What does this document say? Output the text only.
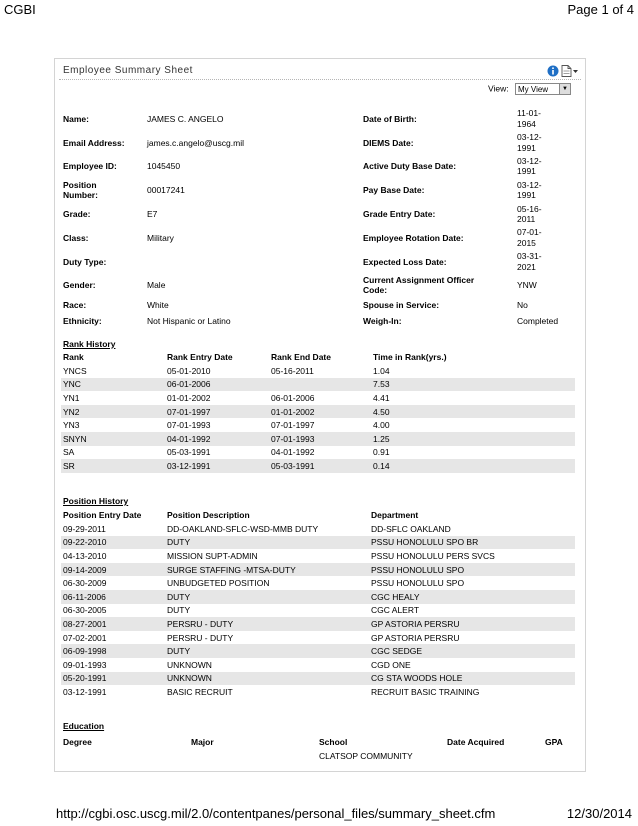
CGBI	Page 1 of 4
Employee Summary Sheet
View: My View	▼
Name:	JAMES C. ANGELO	Date of Birth:	11-01-
1964
Email Address:	james.c.angelo@uscg.mil	DIEMS Date:	03-12-
1991
Employee ID:	1045450	Active Duty Base Date:	03-12-
1991
Position
Number:	00017241	Pay Base Date:	03-12-
1991
Grade:	E7	Grade Entry Date:	05-16-
2011
Class:	Military	Employee Rotation Date:	07-01-
2015
Duty Type:		Expected Loss Date:	03-31-
2021
Gender:	Male	Current Assignment Officer
Code:	YNW
Race:	White	Spouse in Service:	No
Ethnicity:	Not Hispanic or Latino	Weigh-In:	Completed
Rank History
Rank	Rank Entry Date	Rank End Date	Time in Rank(yrs.)
YNCS	05-01-2010	05-16-2011	1.04
YNC	06-01-2006		7.53
YN1	01-01-2002	06-01-2006	4.41
YN2	07-01-1997	01-01-2002	4.50
YN3	07-01-1993	07-01-1997	4.00
SNYN	04-01-1992	07-01-1993	1.25
SA	05-03-1991	04-01-1992	0.91
SR	03-12-1991	05-03-1991	0.14
Position History
Position Entry Date	Position Description	Department
09-29-2011	DD-OAKLAND-SFLC-WSD-MMB DUTY	DD-SFLC OAKLAND
09-22-2010	DUTY	PSSU HONOLULU SPO BR
04-13-2010	MISSION SUPT-ADMIN	PSSU HONOLULU PERS SVCS
09-14-2009	SURGE STAFFING -MTSA-DUTY	PSSU HONOLULU SPO
06-30-2009	UNBUDGETED POSITION	PSSU HONOLULU SPO
06-11-2006	DUTY	CGC HEALY
06-30-2005	DUTY	CGC ALERT
08-27-2001	PERSRU - DUTY	GP ASTORIA PERSRU
07-02-2001	PERSRU - DUTY	GP ASTORIA PERSRU
06-09-1998	DUTY	CGC SEDGE
09-01-1993	UNKNOWN	CGD ONE
05-20-1991	UNKNOWN	CG STA WOODS HOLE
03-12-1991	BASIC RECRUIT	RECRUIT BASIC TRAINING
Education
Degree	Major	School	Date Acquired	GPA
		CLATSOP COMMUNITY		
http://cgbi.osc.uscg.mil/2.0/contentpanes/personal_files/summary_sheet.cfm	12/30/2014
